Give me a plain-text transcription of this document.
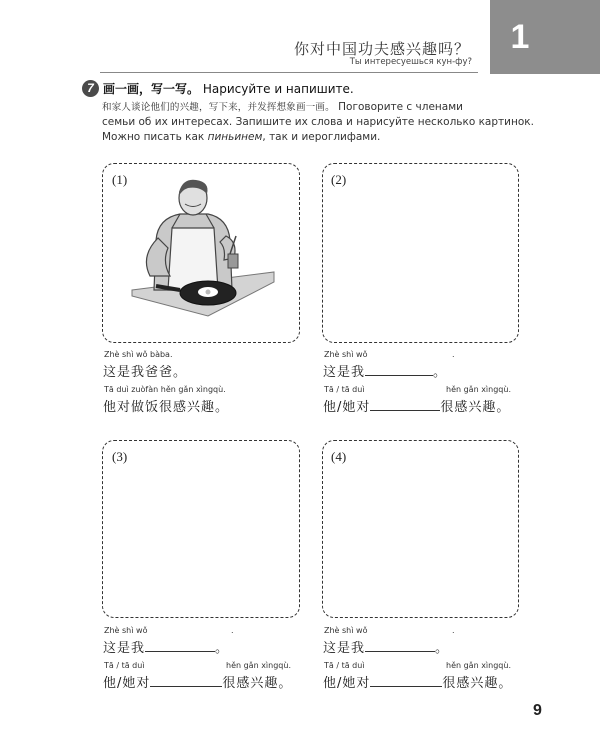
你对中国功夫感兴趣吗？
Ты интересуешься кун-фу?
1
7 画一画，写一写。 Нарисуйте и напишите.

和家人谈论他们的兴趣，写下来，并发挥想象画一画。 Поговорите с членами

семьи об их интересах. Запишите их слова и нарисуйте несколько картинок.

Можно писать как пиньинем, так и иероглифами.

(1)
Zhè shì wǒ bàba.
这是我爸爸。
Tā duì zuòfàn hěn gǎn xìngqù.
他对做饭很感兴趣。
(2)
Zhè shì wǒ	.
这是我	。
Tā / tā duì	hěn gǎn xìngqù.
他/她对	很感兴趣。
(3)
Zhè shì wǒ	.
这是我	。
Tā / tā duì	hěn gǎn xìngqù.
他/她对	很感兴趣。
(4)
Zhè shì wǒ	.
这是我	。
Tā / tā duì	hěn gǎn xìngqù.
他/她对	很感兴趣。
9
